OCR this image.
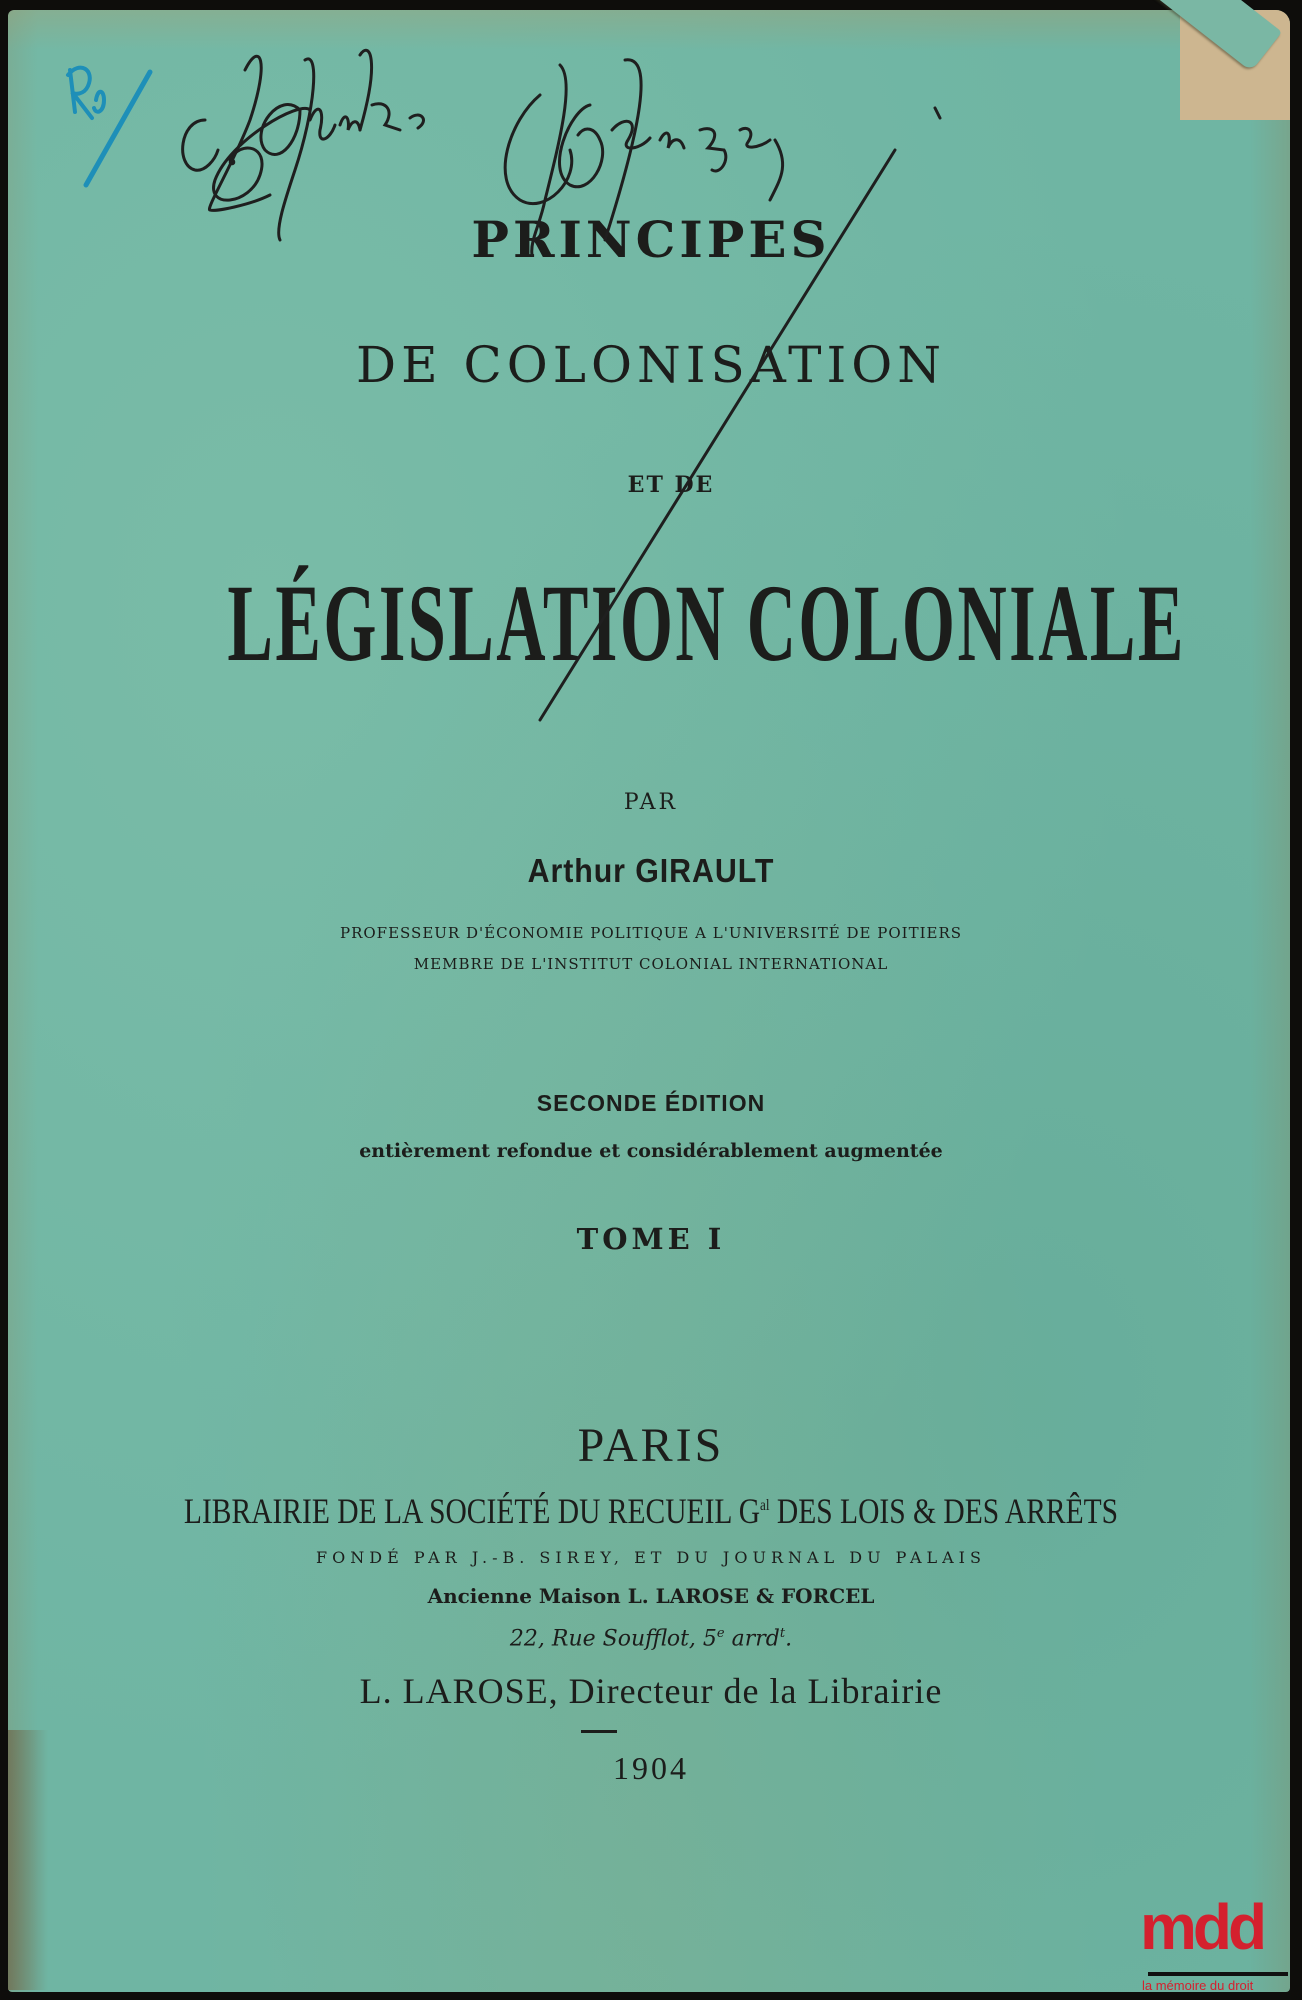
PRINCIPES
DE COLONISATION
ET DE
LÉGISLATION COLONIALE
PAR
Arthur GIRAULT
PROFESSEUR D'ÉCONOMIE POLITIQUE A L'UNIVERSITÉ DE POITIERS
MEMBRE DE L'INSTITUT COLONIAL INTERNATIONAL
SECONDE ÉDITION
entièrement refondue et considérablement augmentée
TOME I
PARIS
LIBRAIRIE DE LA SOCIÉTÉ DU RECUEIL $G^{al}$ DES LOIS & DES ARRÊTS
FONDÉ PAR J.-B. SIREY, ET DU JOURNAL DU PALAIS
Ancienne Maison L. LAROSE & FORCEL
22, Rue Soufflot, 5e arrd$^t$.
L. LAROSE, Directeur de la Librairie
1904
mdd
la mémoire du droit
